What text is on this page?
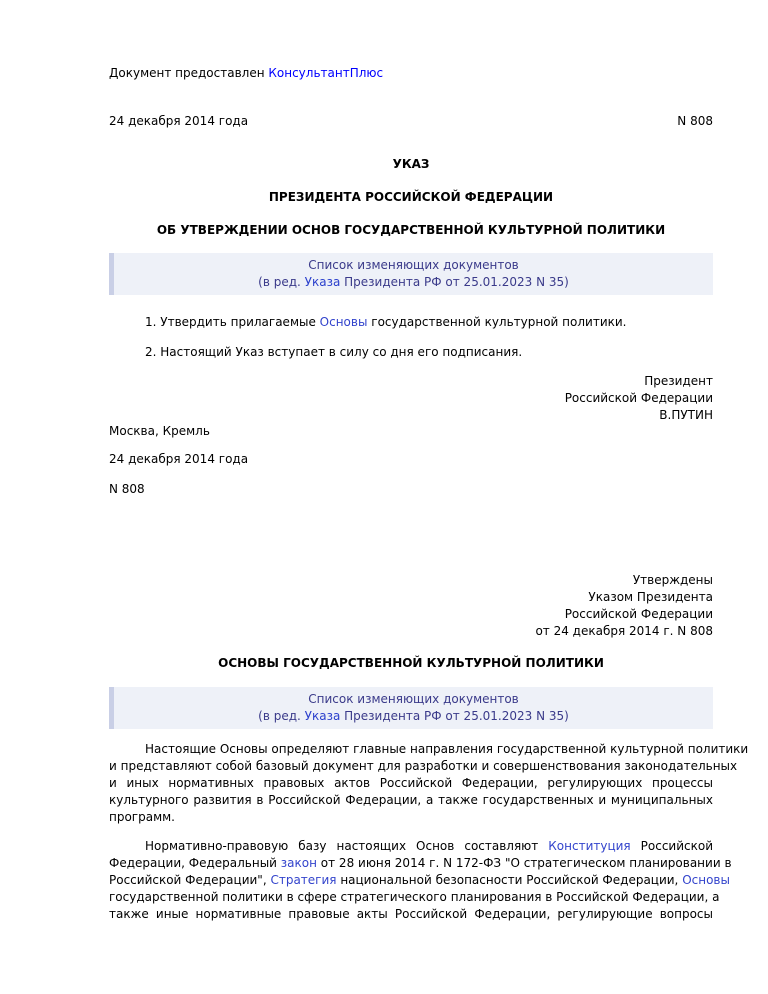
Документ предоставлен КонсультантПлюс
24 декабря 2014 года	N 808
УКАЗ
ПРЕЗИДЕНТА РОССИЙСКОЙ ФЕДЕРАЦИИ
ОБ УТВЕРЖДЕНИИ ОСНОВ ГОСУДАРСТВЕННОЙ КУЛЬТУРНОЙ ПОЛИТИКИ
Список изменяющих документов
(в ред. Указа Президента РФ от 25.01.2023 N 35)
1. Утвердить прилагаемые Основы государственной культурной политики.
2. Настоящий Указ вступает в силу со дня его подписания.
Президент
Российской Федерации
В.ПУТИН
Москва, Кремль
24 декабря 2014 года
N 808
Утверждены
Указом Президента
Российской Федерации
от 24 декабря 2014 г. N 808
ОСНОВЫ ГОСУДАРСТВЕННОЙ КУЛЬТУРНОЙ ПОЛИТИКИ
Список изменяющих документов
(в ред. Указа Президента РФ от 25.01.2023 N 35)
Настоящие Основы определяют главные направления государственной культурной политики
и представляют собой базовый документ для разработки и совершенствования законодательных
и иных нормативных правовых актов Российской Федерации, регулирующих процессы
культурного развития в Российской Федерации, а также государственных и муниципальных
программ.
Нормативно-правовую базу настоящих Основ составляют Конституция Российской
Федерации, Федеральный закон от 28 июня 2014 г. N 172-ФЗ "О стратегическом планировании в
Российской Федерации", Стратегия национальной безопасности Российской Федерации, Основы
государственной политики в сфере стратегического планирования в Российской Федерации, а
также иные нормативные правовые акты Российской Федерации, регулирующие вопросы
